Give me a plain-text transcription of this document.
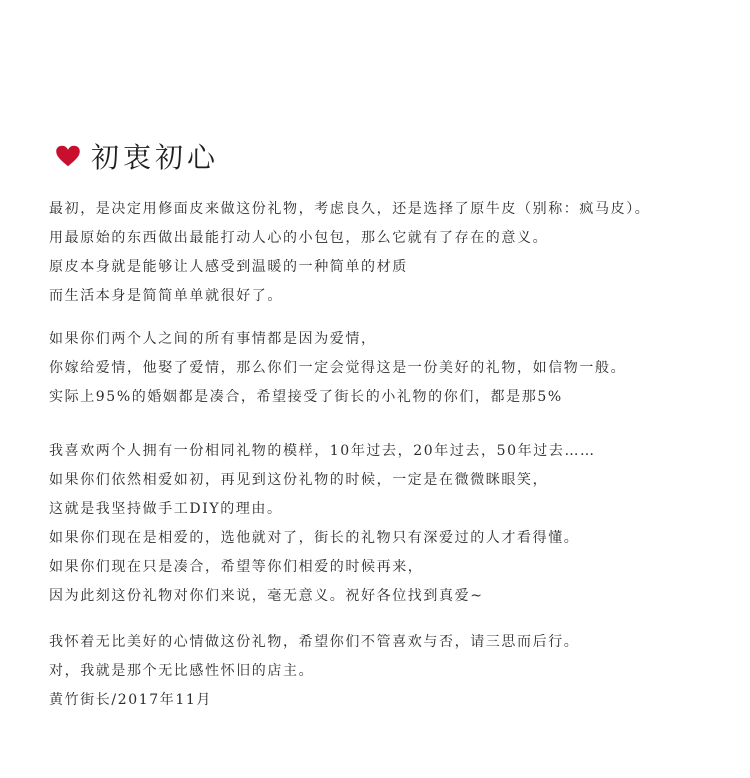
初衷初心
最初，是决定用修面皮来做这份礼物，考虑良久，还是选择了原牛皮（别称：疯马皮）。
用最原始的东西做出最能打动人心的小包包，那么它就有了存在的意义。
原皮本身就是能够让人感受到温暖的一种简单的材质
而生活本身是简简单单就很好了。
如果你们两个人之间的所有事情都是因为爱情，
你嫁给爱情，他娶了爱情，那么你们一定会觉得这是一份美好的礼物，如信物一般。
实际上95%的婚姻都是凑合，希望接受了街长的小礼物的你们，都是那5%
我喜欢两个人拥有一份相同礼物的模样，10年过去，20年过去，50年过去……
如果你们依然相爱如初，再见到这份礼物的时候，一定是在微微眯眼笑，
这就是我坚持做手工DIY的理由。
如果你们现在是相爱的，选他就对了，街长的礼物只有深爱过的人才看得懂。
如果你们现在只是凑合，希望等你们相爱的时候再来，
因为此刻这份礼物对你们来说，毫无意义。祝好各位找到真爱~
我怀着无比美好的心情做这份礼物，希望你们不管喜欢与否，请三思而后行。
对，我就是那个无比感性怀旧的店主。
黄竹街长/2017年11月
